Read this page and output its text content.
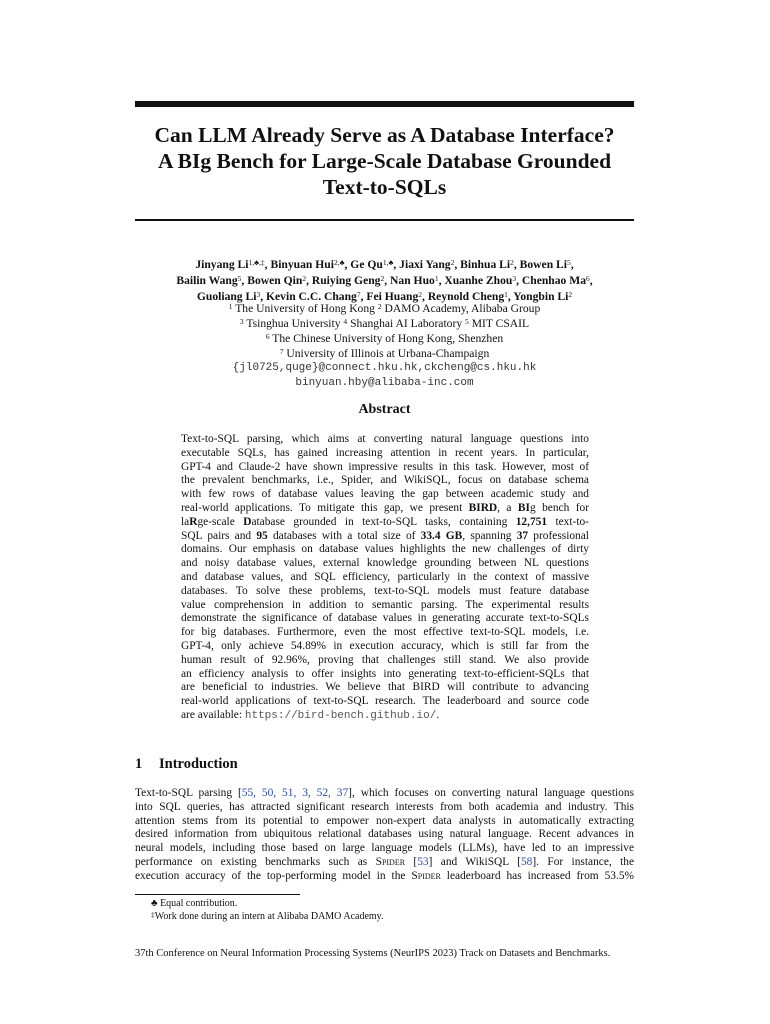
Can LLM Already Serve as A Database Interface?
A BIg Bench for Large-Scale Database Grounded
Text-to-SQLs
Jinyang $Li^{1,♣,\ddagger}$, Binyuan Hui$^{2,♣}$, Ge $Qu^{1,♣}$, Jiaxi Yang$^2$, Binhua Li$^2$, Bowen Li$^5$,
Bailin Wang$^5$, Bowen Qin$^2$, Ruiying Geng$^2$, Nan Huo$^1$, Xuanhe Zhou$^3$, Chenhao Ma$^6$,
Guoliang Li$^3$, Kevin C.C. Chang$^7$, Fei Huang$^2$, Reynold Cheng$^1$, Yongbin Li$^2$
$^1$ The University of Hong Kong $^2$ DAMO Academy, Alibaba Group
$^3$ Tsinghua University $^4$ Shanghai AI Laboratory $^5$ MIT CSAIL
$^6$ The Chinese University of Hong Kong, Shenzhen
$^7$ University of Illinois at Urbana-Champaign
{jl0725,quge}@connect.hku.hk,ckcheng@cs.hku.hk
binyuan.hby@alibaba-inc.com
Abstract
Text-to-SQL parsing, which aims at converting natural language questions into
executable SQLs, has gained increasing attention in recent years. In particular,
GPT-4 and Claude-2 have shown impressive results in this task. However, most of
the prevalent benchmarks, i.e., Spider, and WikiSQL, focus on database schema
with few rows of database values leaving the gap between academic study and
real-world applications. To mitigate this gap, we present BIRD, a BIg bench for
laRge-scale Database grounded in text-to-SQL tasks, containing 12,751 text-to-
SQL pairs and 95 databases with a total size of 33.4 GB, spanning 37 professional
domains. Our emphasis on database values highlights the new challenges of dirty
and noisy database values, external knowledge grounding between NL questions
and database values, and SQL efficiency, particularly in the context of massive
databases. To solve these problems, text-to-SQL models must feature database
value comprehension in addition to semantic parsing. The experimental results
demonstrate the significance of database values in generating accurate text-to-SQLs
for big databases. Furthermore, even the most effective text-to-SQL models, i.e.
GPT-4, only achieve 54.89% in execution accuracy, which is still far from the
human result of 92.96%, proving that challenges still stand. We also provide
an efficiency analysis to offer insights into generating text-to-efficient-SQLs that
are beneficial to industries. We believe that BIRD will contribute to advancing
real-world applications of text-to-SQL research. The leaderboard and source code
are available: https://bird-bench.github.io/.
1 Introduction
Text-to-SQL parsing [55, 50, 51, 3, 52, 37], which focuses on converting natural language questions
into SQL queries, has attracted significant research interests from both academia and industry. This
attention stems from its potential to empower non-expert data analysts in automatically extracting
desired information from ubiquitous relational databases using natural language. Recent advances in
neural models, including those based on large language models (LLMs), have led to an impressive
performance on existing benchmarks such as Spider [53] and WikiSQL [58]. For instance, the
execution accuracy of the top-performing model in the Spider leaderboard has increased from 53.5%
♣ Equal contribution.
‡Work done during an intern at Alibaba DAMO Academy.
37th Conference on Neural Information Processing Systems (NeurIPS 2023) Track on Datasets and Benchmarks.
